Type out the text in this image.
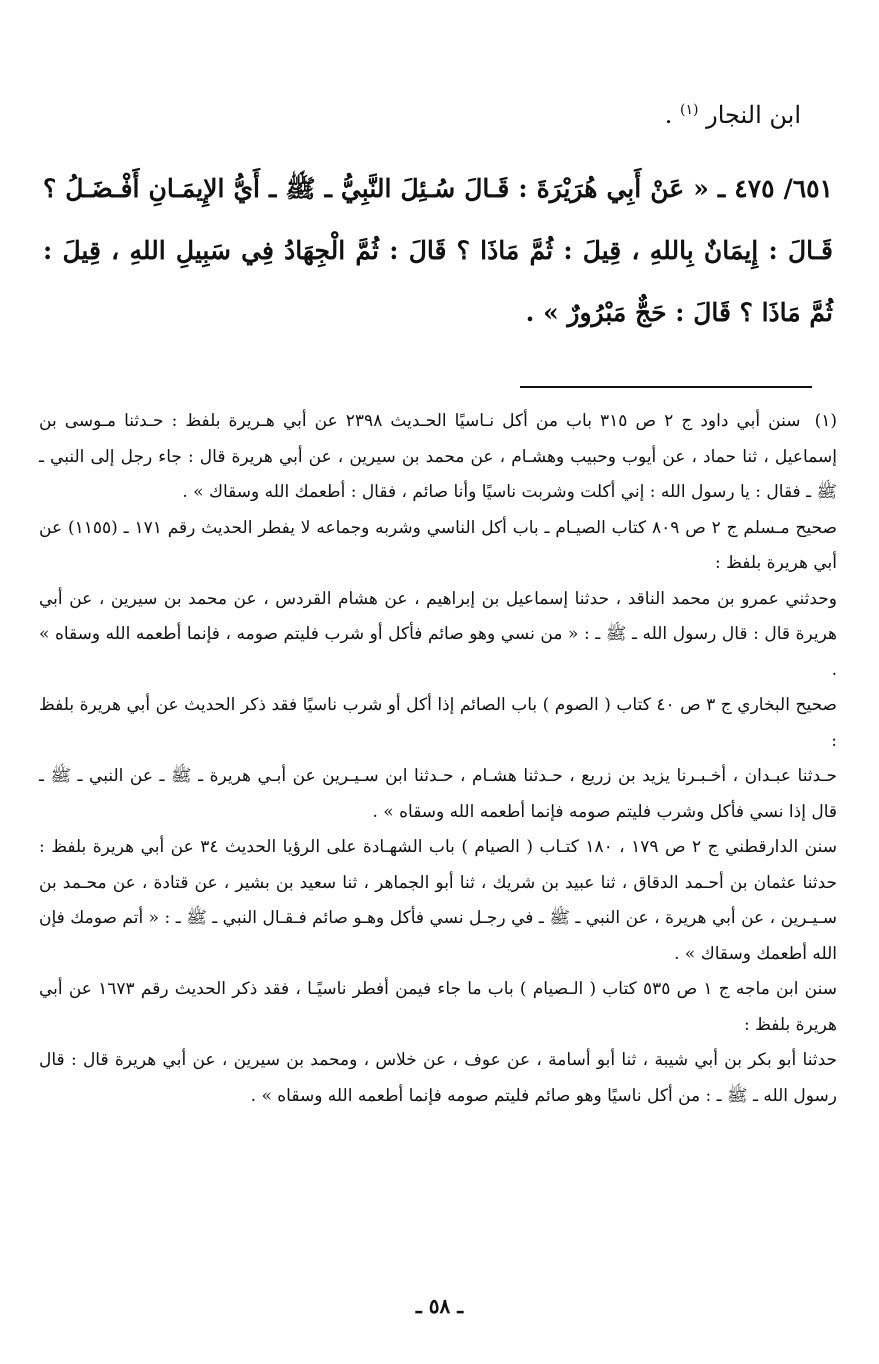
ابن النجار $^{(١)}$ .
٦٥١/ ٤٧٥ ـ « عَنْ أَبِي هُرَيْرَةَ : قَـالَ سُـئِلَ النَّبِيُّ ـ ﷺ ـ أَيُّ الإِيمَـانِ أَفْـضَـلُ ؟ قَـالَ : إِيمَانٌ بِاللهِ ، قِيلَ : ثُمَّ مَاذَا ؟ قَالَ : ثُمَّ الْجِهَادُ فِي سَبِيلِ اللهِ ، قِيلَ : ثُمَّ مَاذَا ؟ قَالَ : حَجٌّ مَبْرُورٌ » .

(١) سنن أبي داود ج ٢ ص ٣١٥ باب من أكل نـاسيًا الحـديث ٢٣٩٨ عن أبي هـريرة بلفظ : حـدثنا مـوسى بن إسماعيل ، ثنا حماد ، عن أيوب وحبيب وهشـام ، عن محمد بن سيرين ، عن أبي هريرة قال : جاء رجل إلى النبي ـ ﷺ ـ فقال : يا رسول الله : إني أكلت وشربت ناسيًا وأنا صائم ، فقال : أطعمك الله وسقاك » .

صحيح مـسلم ج ٢ ص ٨٠٩ كتاب الصيـام ـ باب أكل الناسي وشربه وجماعه لا يفطر الحديث رقم ١٧١ ـ (١١٥٥) عن أبي هريرة بلفظ :

وحدثني عمرو بن محمد الناقد ، حدثنا إسماعيل بن إبراهيم ، عن هشام القردس ، عن محمد بن سيرين ، عن أبي هريرة قال : قال رسول الله ـ ﷺ ـ : « من نسي وهو صائم فأكل أو شرب فليتم صومه ، فإنما أطعمه الله وسقاه » .

صحيح البخاري ج ٣ ص ٤٠ كتاب ( الصوم ) باب الصائم إذا أكل أو شرب ناسيًا فقد ذكر الحديث عن أبي هريرة بلفظ :

حـدثنا عبـدان ، أخـبـرنا يزيد بن زريع ، حـدثنا هشـام ، حـدثنا ابن سـيـرين عن أبـي هريرة ـ ﷺ ـ عن النبي ـ ﷺ ـ قال إذا نسي فأكل وشرب فليتم صومه فإنما أطعمه الله وسقاه » .

سنن الدارقطني ج ٢ ص ١٧٩ ، ١٨٠ كتـاب ( الصيام ) باب الشهـادة على الرؤيا الحديث ٣٤ عن أبي هريرة بلفظ : حدثنا عثمان بن أحـمد الدقاق ، ثنا عبيد بن شريك ، ثنا أبو الجماهر ، ثنا سعيد بن بشير ، عن قتادة ، عن محـمد بن سـيـرين ، عن أبي هريرة ، عن النبي ـ ﷺ ـ في رجـل نسي فأكل وهـو صائم فـقـال النبي ـ ﷺ ـ : « أتم صومك فإن الله أطعمك وسقاك » .

سنن ابن ماجه ج ١ ص ٥٣٥ كتاب ( الـصيام ) باب ما جاء فيمن أفطر ناسيًـا ، فقد ذكر الحديث رقم ١٦٧٣ عن أبي هريرة بلفظ :

حدثنا أبو بكر بن أبي شيبة ، ثنا أبو أسامة ، عن عوف ، عن خلاس ، ومحمد بن سيرين ، عن أبي هريرة قال : قال رسول الله ـ ﷺ ـ : من أكل ناسيًا وهو صائم فليتم صومه فإنما أطعمه الله وسقاه » .

ـ ٥٨ ـ
